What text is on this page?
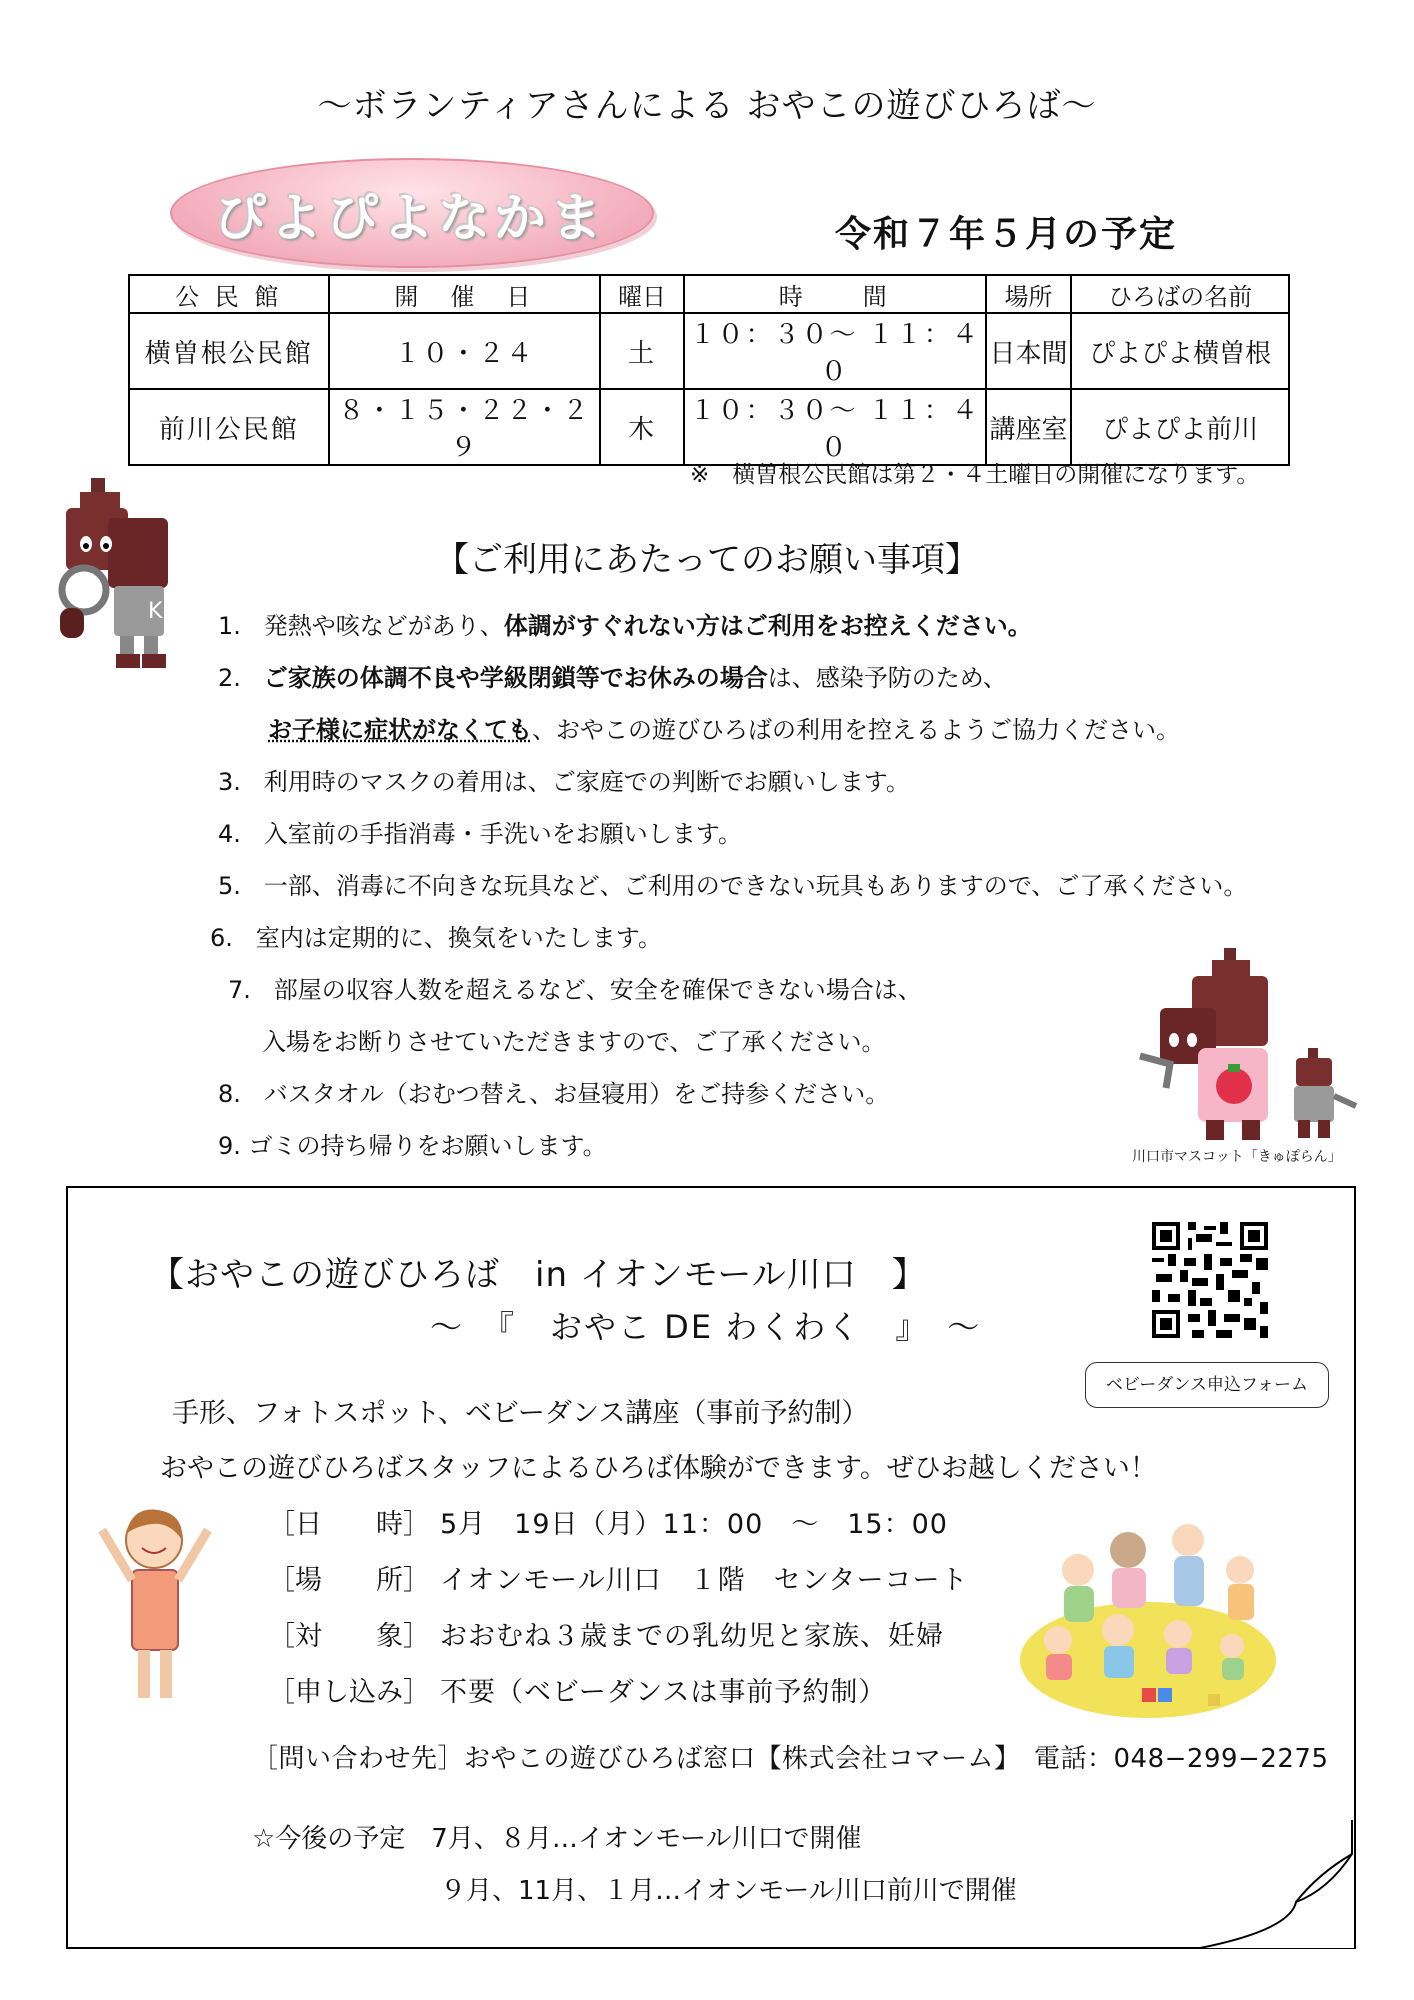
～ボランティアさんによる おやこの遊びひろば～
ぴよぴよなかま	令和７年５月の予定
公 民 館	開　催　日	曜日	時　　間	場所	ひろばの名前
横曽根公民館	１０・２４	土	１０：３０～ １１：４０	日本間	ぴよぴよ横曽根
前川公民館	８・１５・２２・２９	木	１０：３０～ １１：４０	講座室	ぴよぴよ前川
※　横曽根公民館は第２・４土曜日の開催になります。
K
【ご利用にあたってのお願い事項】
1. 発熱や咳などがあり、体調がすぐれない方はご利用をお控えください。
2. ご家族の体調不良や学級閉鎖等でお休みの場合は、感染予防のため、
お子様に症状がなくても、おやこの遊びひろばの利用を控えるようご協力ください。
3. 利用時のマスクの着用は、ご家庭での判断でお願いします。
4. 入室前の手指消毒・手洗いをお願いします。
5. 一部、消毒に不向きな玩具など、ご利用のできない玩具もありますので、ご了承ください。
6. 室内は定期的に、換気をいたします。
7. 部屋の収容人数を超えるなど、安全を確保できない場合は、
入場をお断りさせていただきますので、ご了承ください。
8. バスタオル（おむつ替え、お昼寝用）をご持参ください。
9. ゴミの持ち帰りをお願いします。	川口市マスコット「きゅぽらん」
【おやこの遊びひろば　in イオンモール川口　】
～　『　おやこ DE わくわく　』　～
ベビーダンス申込フォーム
手形、フォトスポット、ベビーダンス講座（事前予約制）
おやこの遊びひろばスタッフによるひろば体験ができます。ぜひお越しください！
［日　　時］ 5月　19日（月）11：00　～　15：00
［場　　所］ イオンモール川口　１階　センターコート
［対　　象］ おおむね３歳までの乳幼児と家族、妊婦
［申し込み］ 不要（ベビーダンスは事前予約制）
［問い合わせ先］おやこの遊びひろば窓口【株式会社コマーム】　電話：048−299−2275
☆今後の予定　7月、８月…イオンモール川口で開催
９月、11月、１月…イオンモール川口前川で開催
